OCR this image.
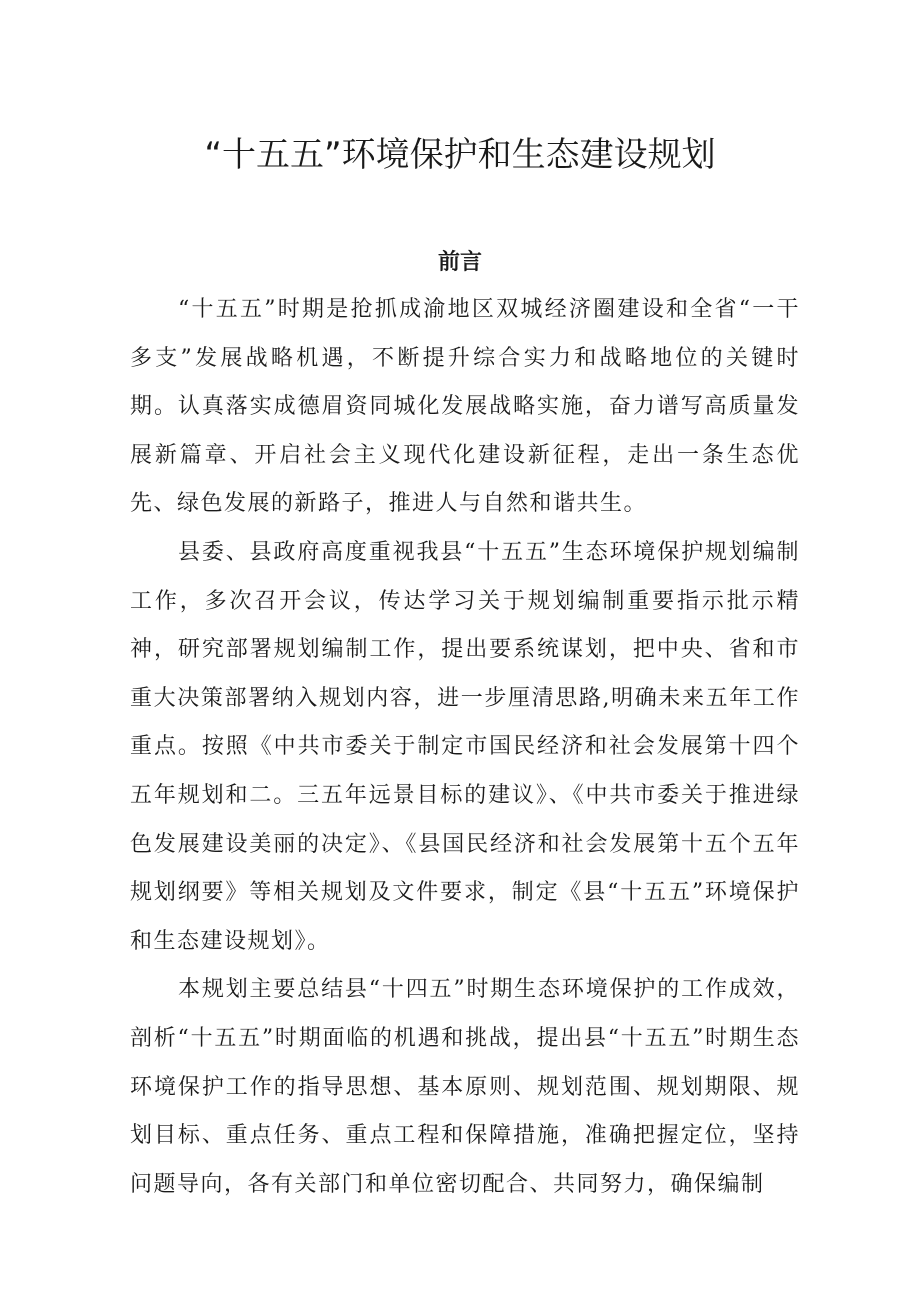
“十五五”环境保护和生态建设规划
前言

“十五五”时期是抢抓成渝地区双城经济圈建设和全省“一干多支”发展战略机遇，不断提升综合实力和战略地位的关键时期。认真落实成德眉资同城化发展战略实施，奋力谱写高质量发展新篇章、开启社会主义现代化建设新征程，走出一条生态优先、绿色发展的新路子，推进人与自然和谐共生。

县委、县政府高度重视我县“十五五”生态环境保护规划编制工作，多次召开会议，传达学习关于规划编制重要指示批示精神，研究部署规划编制工作，提出要系统谋划，把中央、省和市重大决策部署纳入规划内容，进一步厘清思路,明确未来五年工作重点。按照《中共市委关于制定市国民经济和社会发展第十四个五年规划和二。三五年远景目标的建议》、《中共市委关于推进绿色发展建设美丽的决定》、《县国民经济和社会发展第十五个五年规划纲要》等相关规划及文件要求，制定《县“十五五”环境保护和生态建设规划》。

本规划主要总结县“十四五”时期生态环境保护的工作成效，剖析“十五五”时期面临的机遇和挑战，提出县“十五五”时期生态环境保护工作的指导思想、基本原则、规划范围、规划期限、规划目标、重点任务、重点工程和保障措施，准确把握定位，坚持问题导向，各有关部门和单位密切配合、共同努力，确保编制
